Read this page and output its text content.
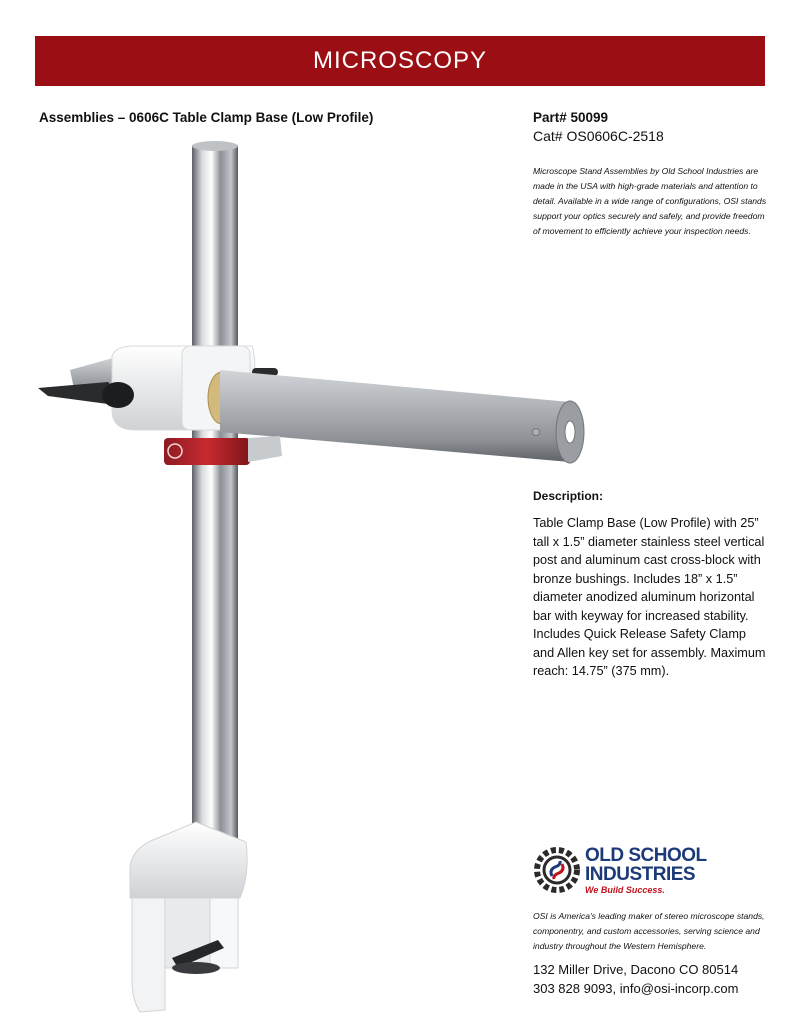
MICROSCOPY
Assemblies – 0606C Table Clamp Base (Low Profile)	Part# 50099
Cat# OS0606C-2518
Microscope Stand Assemblies by Old School Industries are made in the USA with high-grade materials and attention to detail. Available in a wide range of configurations, OSI stands support your optics securely and safely, and provide freedom of movement to efficiently achieve your inspection needs.
Description:
Table Clamp Base (Low Profile) with 25” tall x 1.5” diameter stainless steel vertical post and aluminum cast cross-block with bronze bushings. Includes 18” x 1.5” diameter anodized aluminum horizontal bar with keyway for increased stability. Includes Quick Release Safety Clamp and Allen key set for assembly. Maximum reach: 14.75” (375 mm).
OLD SCHOOL
INDUSTRIES
We Build Success.
OSI is America's leading maker of stereo microscope stands, componentry, and custom accessories, serving science and industry throughout the Western Hemisphere.
132 Miller Drive, Dacono CO 80514
303 828 9093, info@osi-incorp.com
